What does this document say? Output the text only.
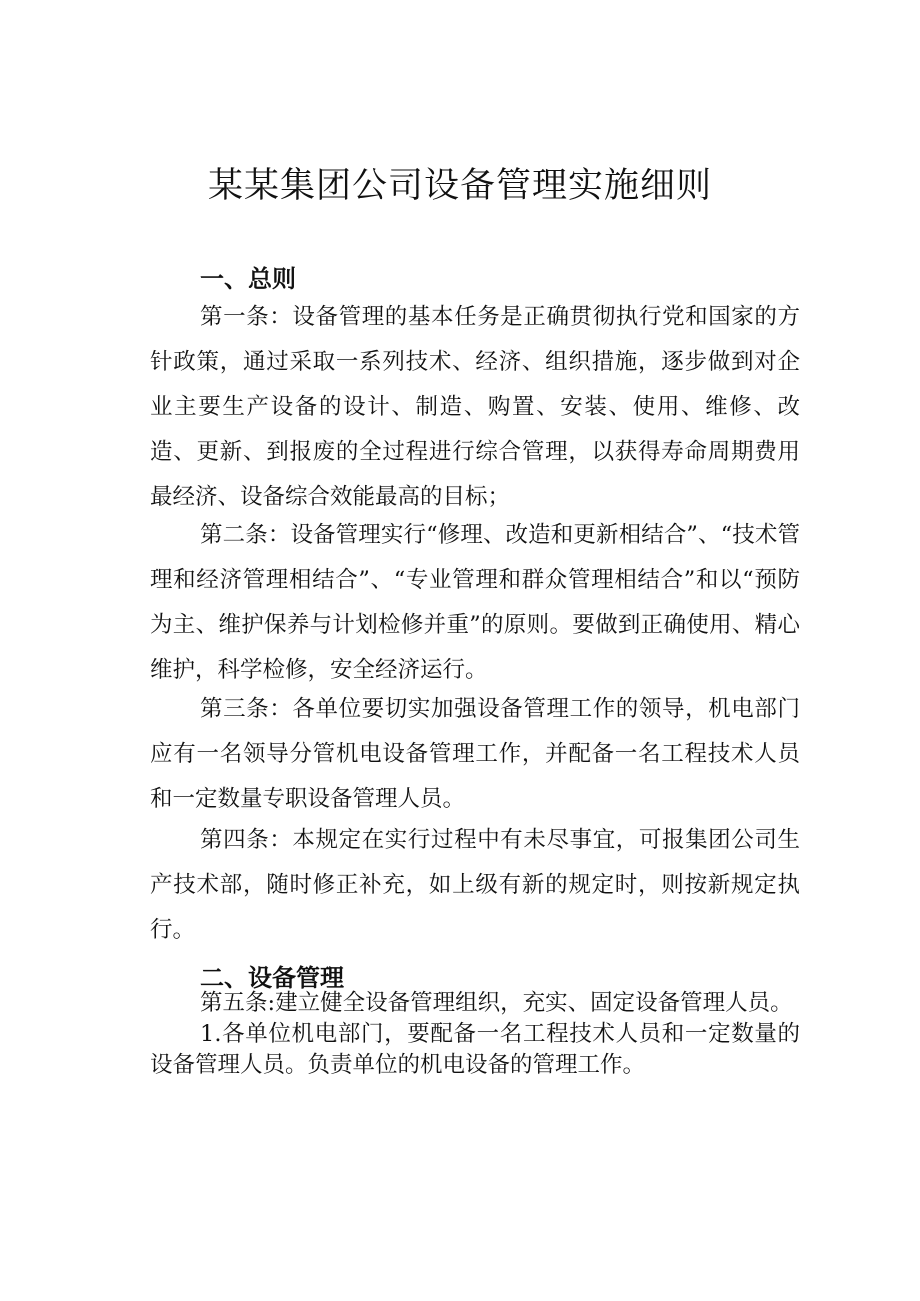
某某集团公司设备管理实施细则
一、总则
第一条：设备管理的基本任务是正确贯彻执行党和国家的方针政策，通过采取一系列技术、经济、组织措施，逐步做到对企业主要生产设备的设计、制造、购置、安装、使用、维修、改造、更新、到报废的全过程进行综合管理，以获得寿命周期费用最经济、设备综合效能最高的目标；
第二条：设备管理实行“修理、改造和更新相结合”、“技术管理和经济管理相结合”、“专业管理和群众管理相结合”和以“预防为主、维护保养与计划检修并重”的原则。要做到正确使用、精心维护，科学检修，安全经济运行。
第三条：各单位要切实加强设备管理工作的领导，机电部门应有一名领导分管机电设备管理工作，并配备一名工程技术人员和一定数量专职设备管理人员。
第四条：本规定在实行过程中有未尽事宜，可报集团公司生产技术部，随时修正补充，如上级有新的规定时，则按新规定执行。
二、设备管理
第五条:建立健全设备管理组织，充实、固定设备管理人员。
1.各单位机电部门，要配备一名工程技术人员和一定数量的设备管理人员。负责单位的机电设备的管理工作。
